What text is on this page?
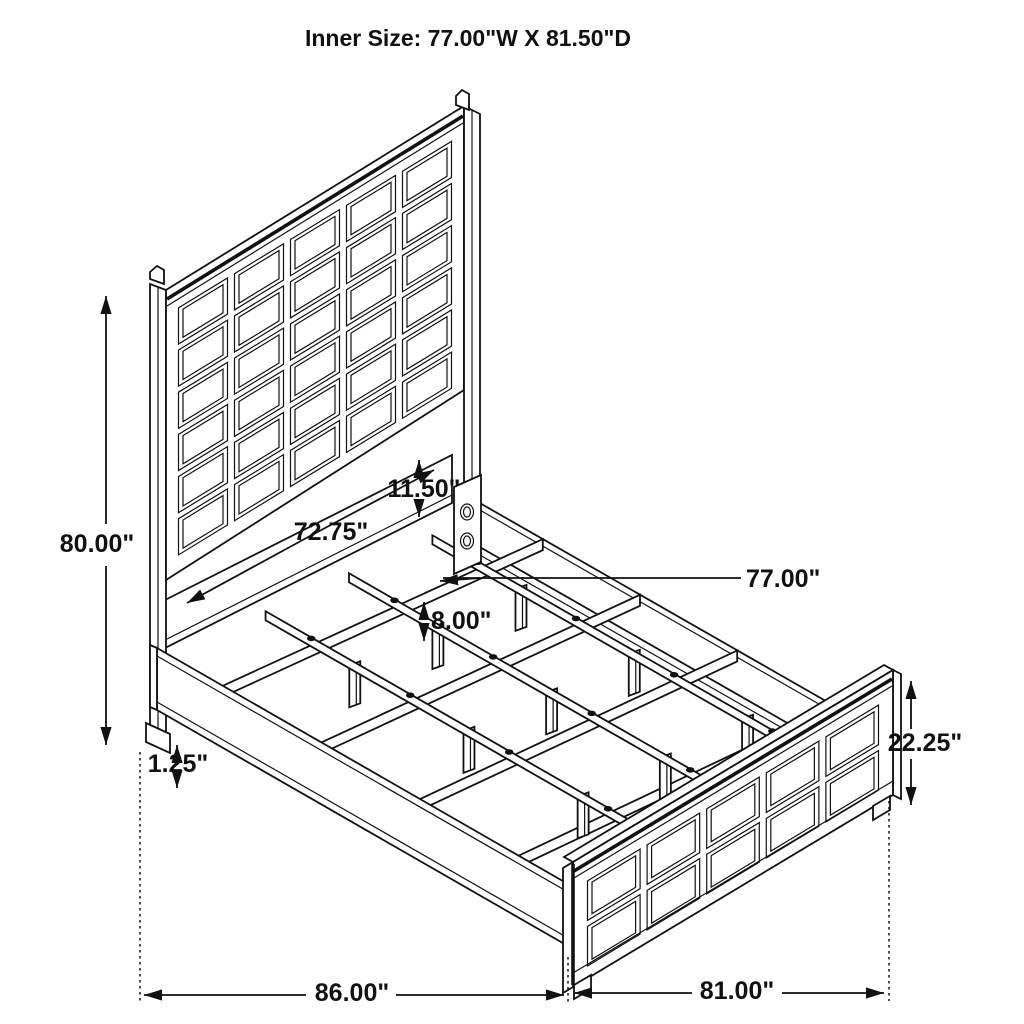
80.00"	72.75"
11.50"
77.00"
8.00"
1.25"
22.25"
86.00"	81.00"
Inner Size: 77.00"W X 81.50"D
